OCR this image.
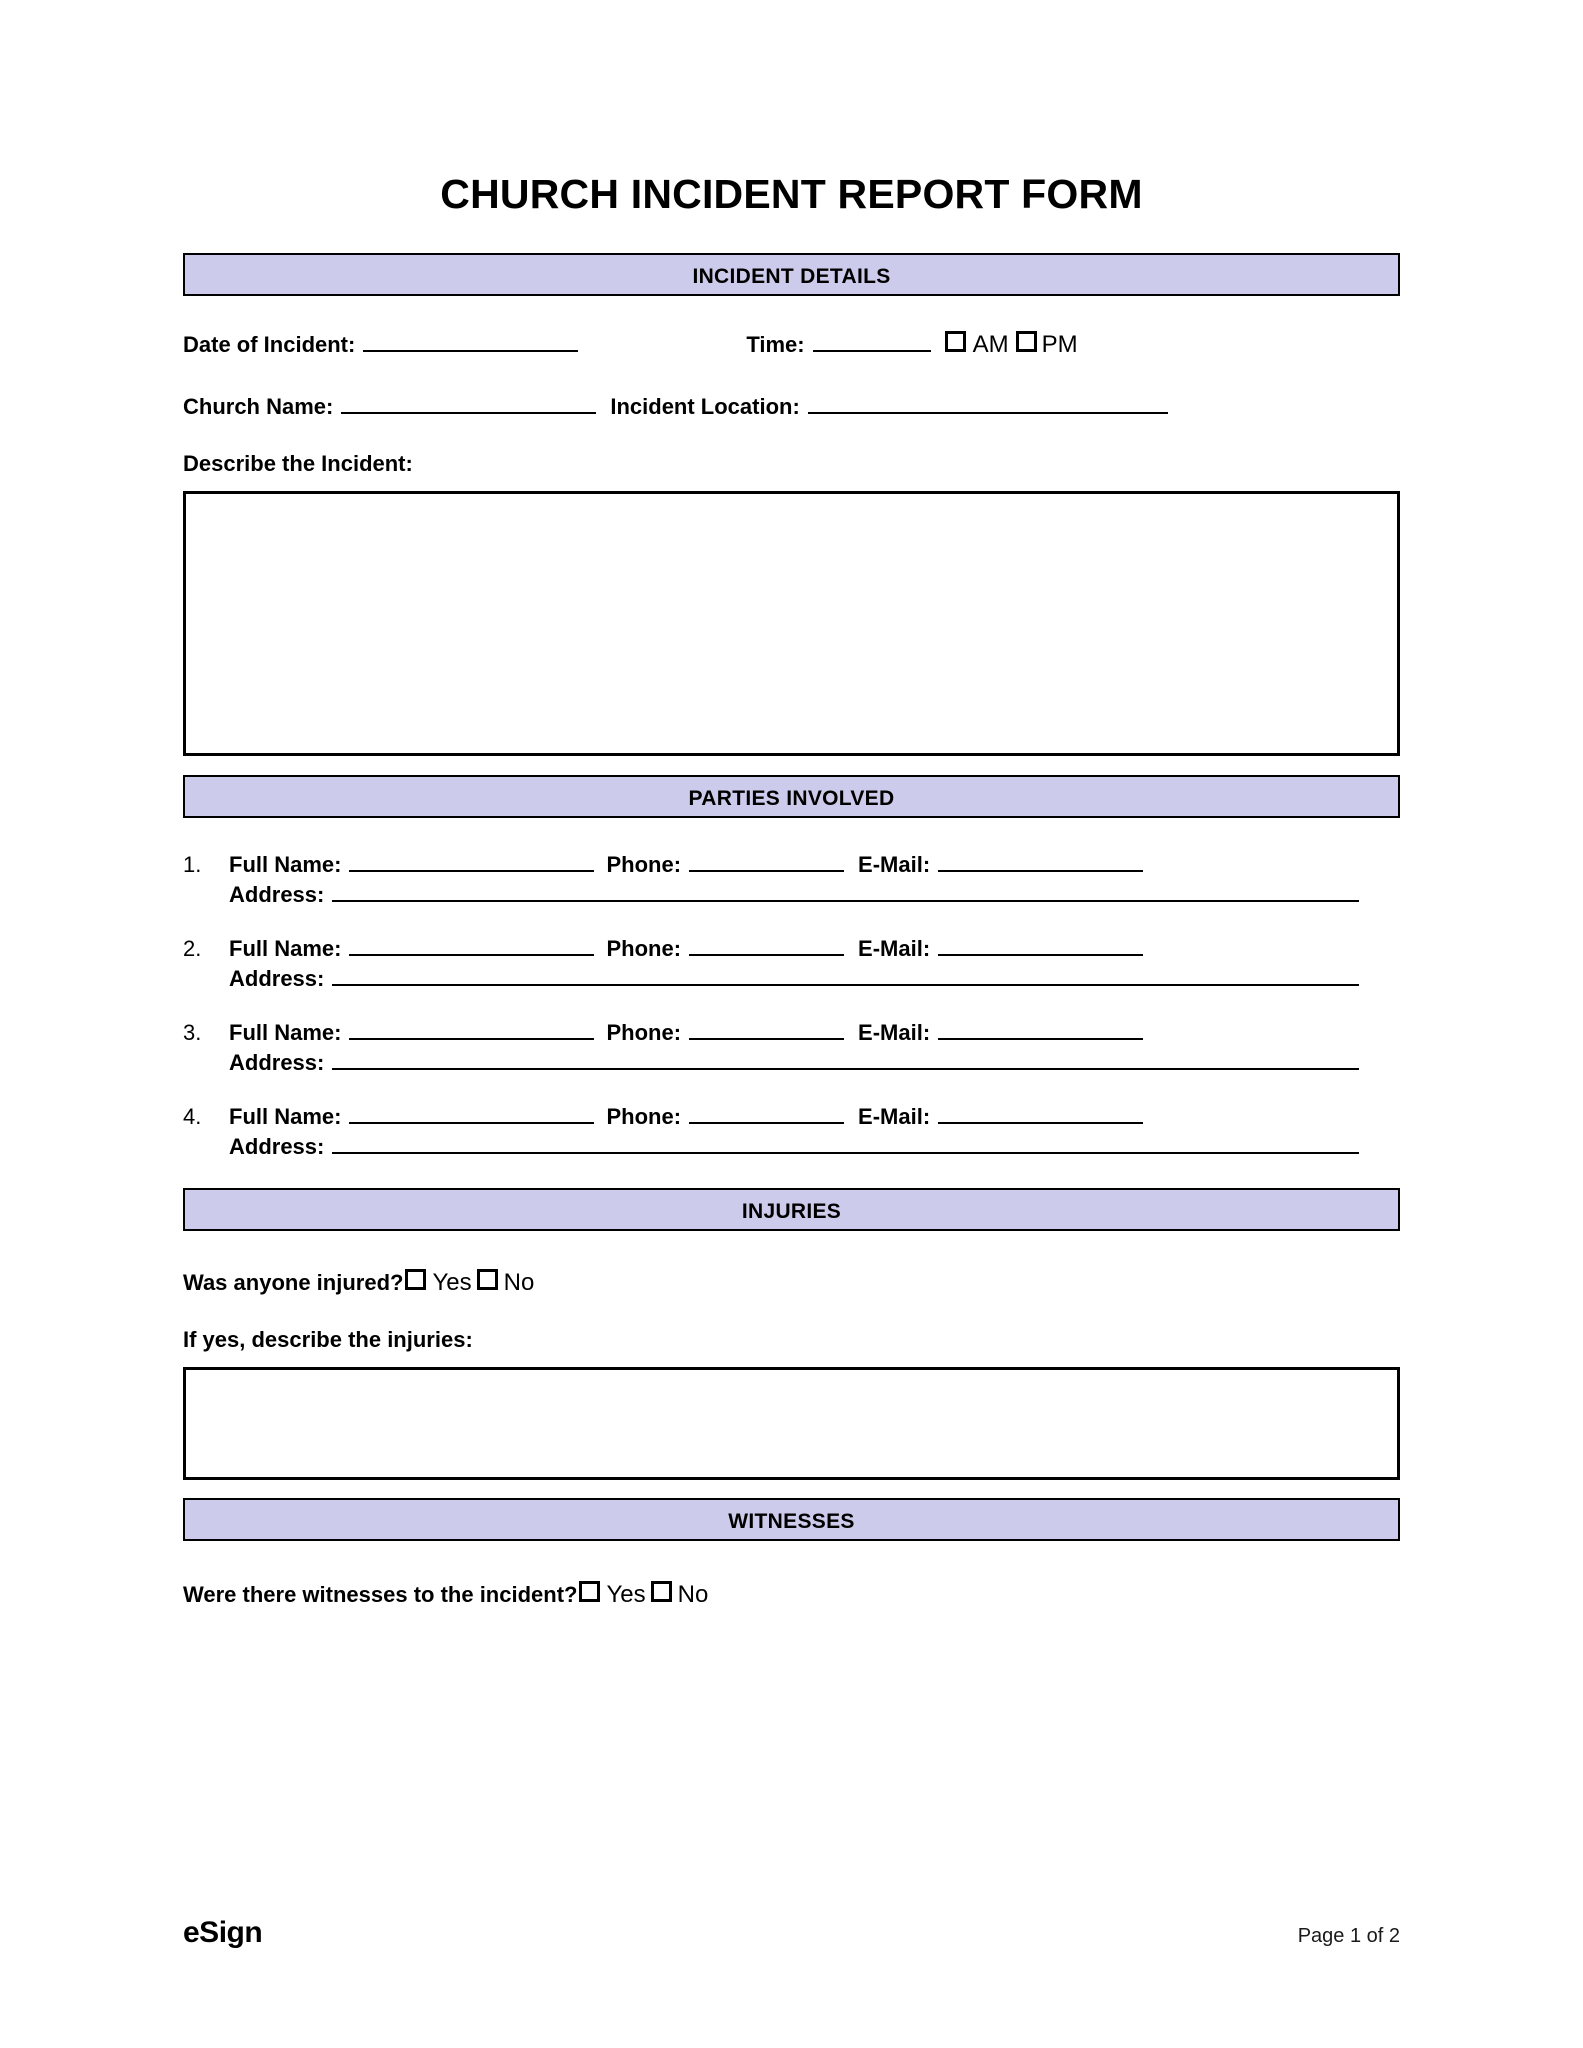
CHURCH INCIDENT REPORT FORM
INCIDENT DETAILS
Date of Incident:	Time:	AM PM
Church Name:	Incident Location:
Describe the Incident:
PARTIES INVOLVED
1.	Full Name:	Phone:	E-Mail:
Address:
2.	Full Name:	Phone:	E-Mail:
Address:
3.	Full Name:	Phone:	E-Mail:
Address:
4.	Full Name:	Phone:	E-Mail:
Address:
INJURIES
Was anyone injured? Yes No
If yes, describe the injuries:
WITNESSES
Were there witnesses to the incident? Yes No
eSign	Page 1 of 2
